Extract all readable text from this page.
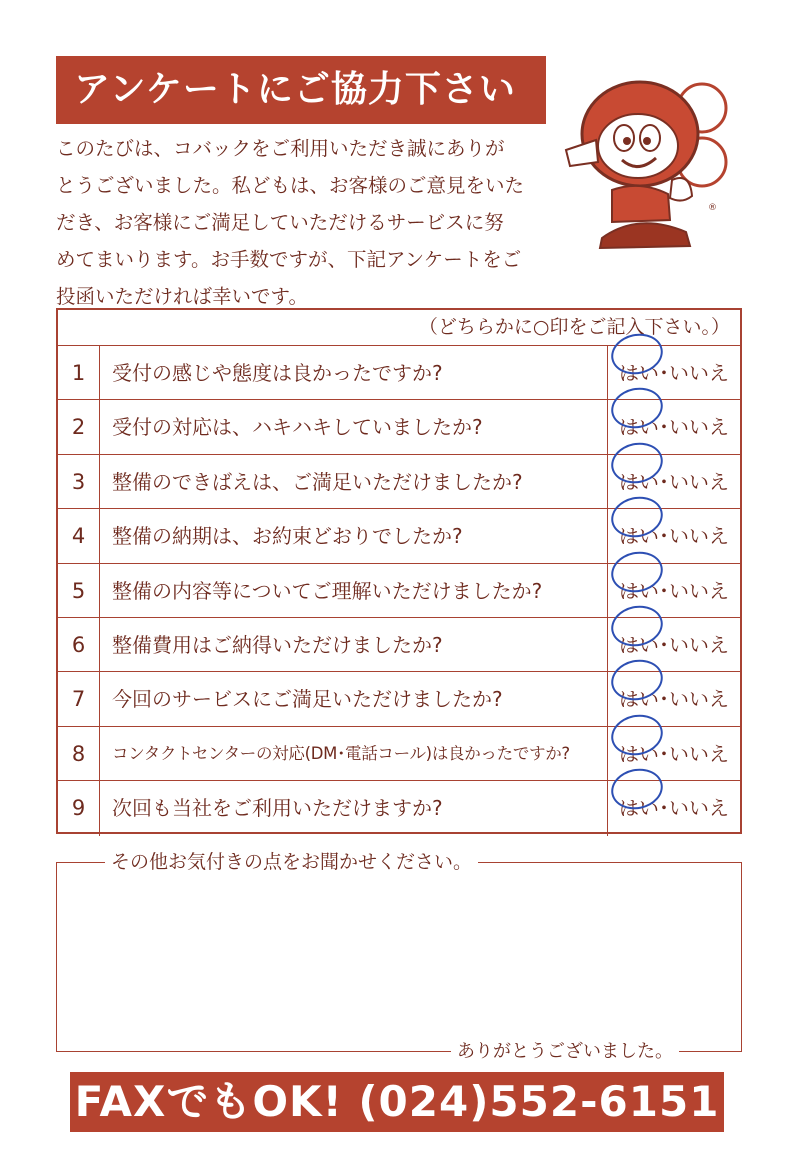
アンケートにご協力下さい
このたびは、コバックをご利用いただき誠にありが
とうございました。私どもは、お客様のご意見をいた
だき、お客様にご満足していただけるサービスに努
めてまいります。お手数ですが、下記アンケートをご
投函いただければ幸いです。
®
（どちらかに○印をご記入下さい。）
1	受付の感じや態度は良かったですか?	はい･いいえ
2	受付の対応は、ハキハキしていましたか?	はい･いいえ
3	整備のできばえは、ご満足いただけましたか?	はい･いいえ
4	整備の納期は、お約束どおりでしたか?	はい･いいえ
5	整備の内容等についてご理解いただけましたか?	はい･いいえ
6	整備費用はご納得いただけましたか?	はい･いいえ
7	今回のサービスにご満足いただけましたか?	はい･いいえ
8	コンタクトセンターの対応(DM･電話コール)は良かったですか?	はい･いいえ
9	次回も当社をご利用いただけますか?	はい･いいえ
その他お気付きの点をお聞かせください。
ありがとうございました。
FAXでもOK! (024)552-6151
